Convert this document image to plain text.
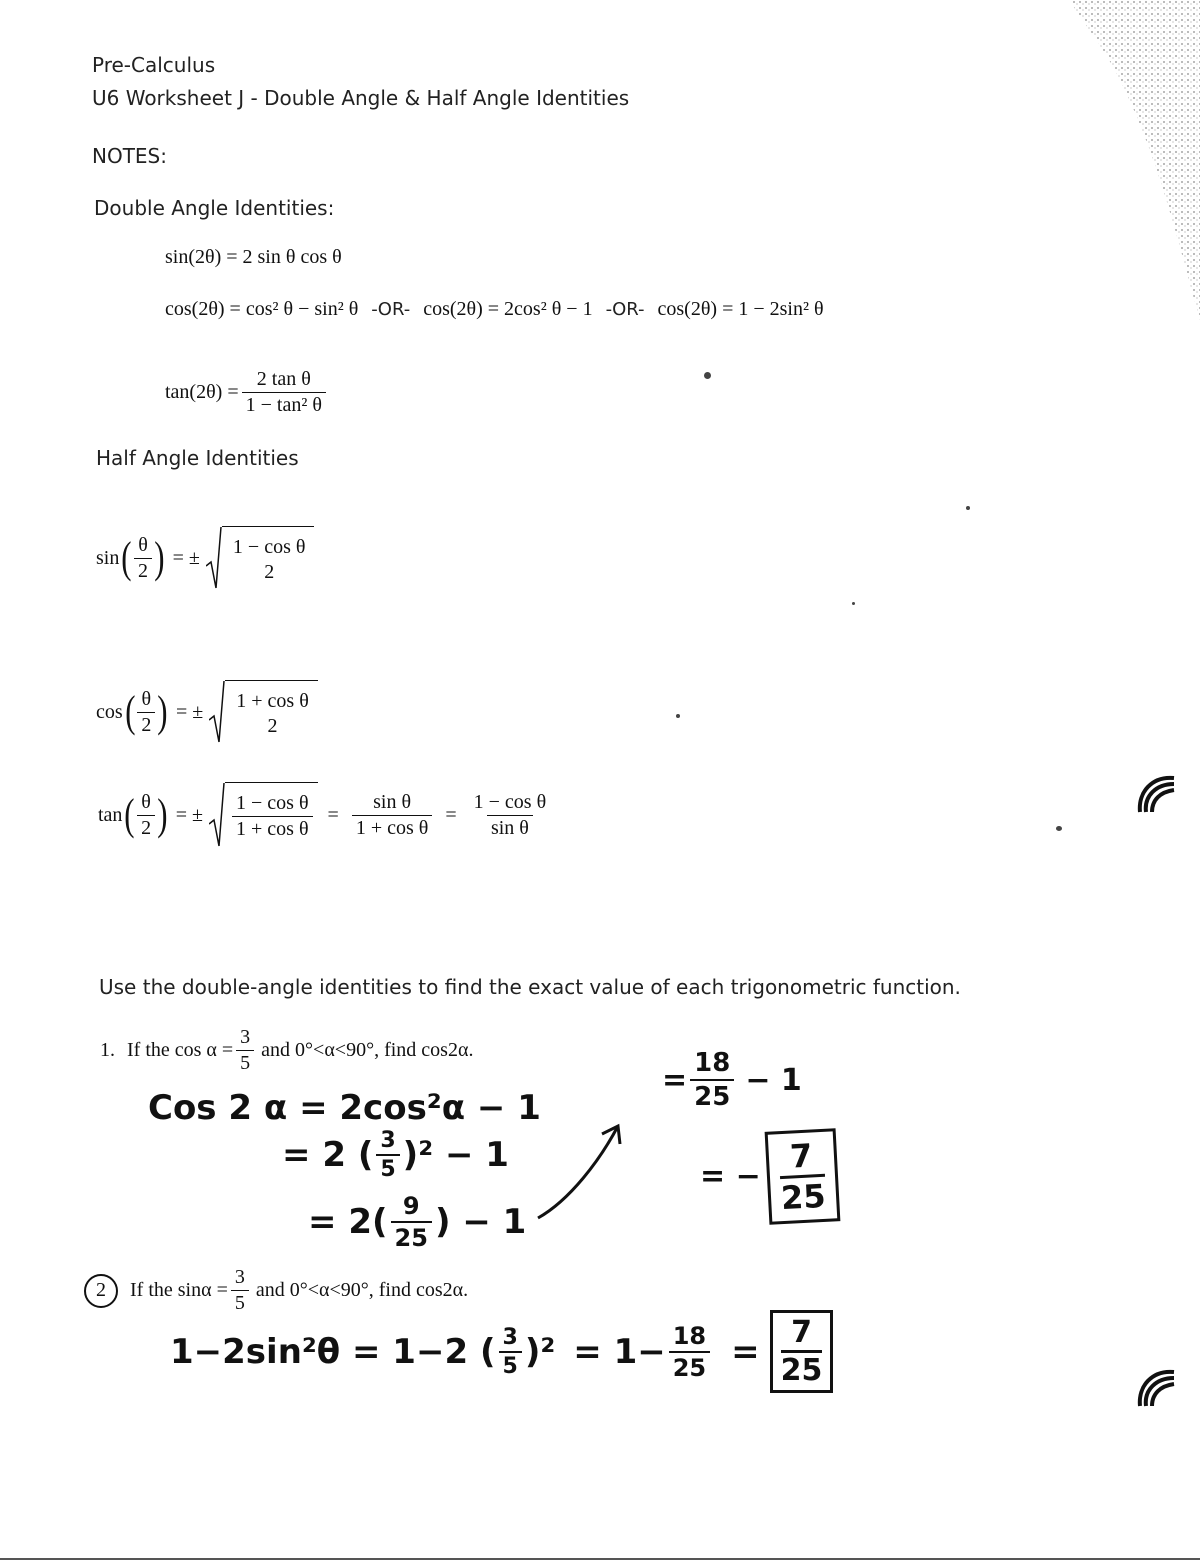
Pre-Calculus
U6 Worksheet J - Double Angle & Half Angle Identities
NOTES:
Double Angle Identities:
sin(2θ) = 2 sin θ cos θ
cos(2θ) = cos² θ − sin² θ -OR- cos(2θ) = 2cos² θ − 1 -OR- cos(2θ) = 1 − 2sin² θ
$\tan(2\theta) = \frac{\text{2 tan θ}}{\text{1 − tan² θ}}$
Half Angle Identities
sin ( $\frac{\theta}{2}$ ) = ± 1 − cos θ
2
cos ( $\frac{\theta}{2}$ ) = ± 1 + cos θ
2
tan ( $\frac{\theta}{2}$ ) = ± $\frac{\text{1 − cos θ}}{\text{1 + cos θ}} = \frac{\text{sin θ}}{\text{1 + cos θ}} = \frac{\text{1 − cos θ}}{\text{sin θ}}$
Use the double-angle identities to find the exact value of each trigonometric function.
1. If the $\cos \alpha = \frac{3}{5}$ and 0°<α<90°, find cos2α.
Cos 2 α = 2cos²α − 1
= 2 ( $\frac{3}{5} )^2 - 1$
= $2( \frac{9}{25}$ ) − 1
= $\frac{18}{25} - 1$
= − $\frac{7}{25}$
2	If the $\sin\alpha = \frac{3}{5}$ and 0°<α<90°, find cos2α.
1−2sin²θ = 1−2 ( $\frac{3}{5} )^2 = 1- \frac{18}{25} = \frac{7}{25}$
